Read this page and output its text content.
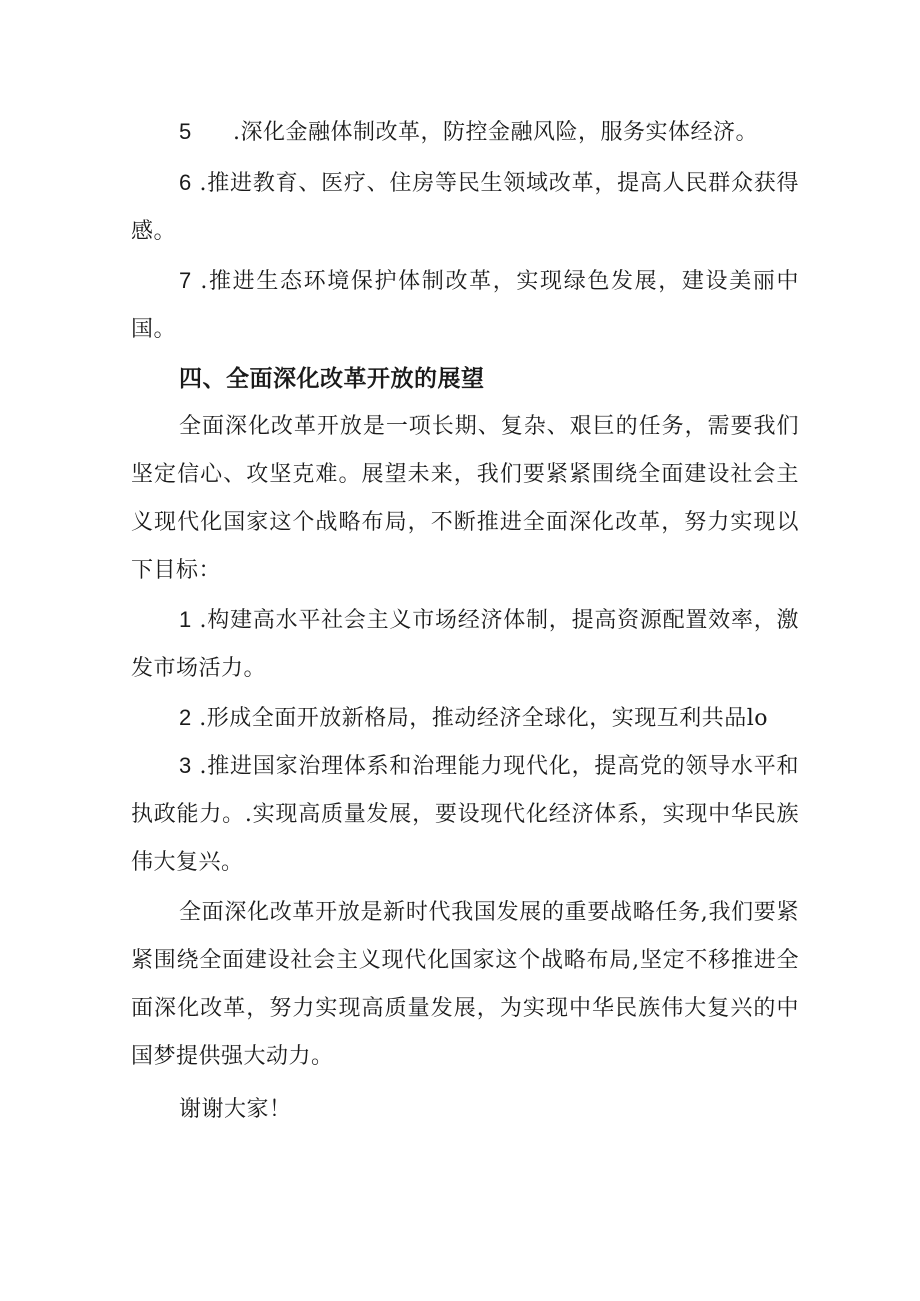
5 .深化金融体制改革，防控金融风险，服务实体经济。

6 .推进教育、医疗、住房等民生领域改革，提高人民群众获得感。

7 .推进生态环境保护体制改革，实现绿色发展，建设美丽中国。

四、全面深化改革开放的展望

全面深化改革开放是一项长期、复杂、艰巨的任务，需要我们坚定信心、攻坚克难。展望未来，我们要紧紧围绕全面建设社会主义现代化国家这个战略布局，不断推进全面深化改革，努力实现以下目标：

1 .构建高水平社会主义市场经济体制，提高资源配置效率，激发市场活力。

2 .形成全面开放新格局，推动经济全球化，实现互利共品lo

3 .推进国家治理体系和治理能力现代化，提高党的领导水平和执政能力。.实现高质量发展，要设现代化经济体系，实现中华民族伟大复兴。

全面深化改革开放是新时代我国发展的重要战略任务,我们要紧紧围绕全面建设社会主义现代化国家这个战略布局,坚定不移推进全面深化改革，努力实现高质量发展，为实现中华民族伟大复兴的中国梦提供强大动力。

谢谢大家！
